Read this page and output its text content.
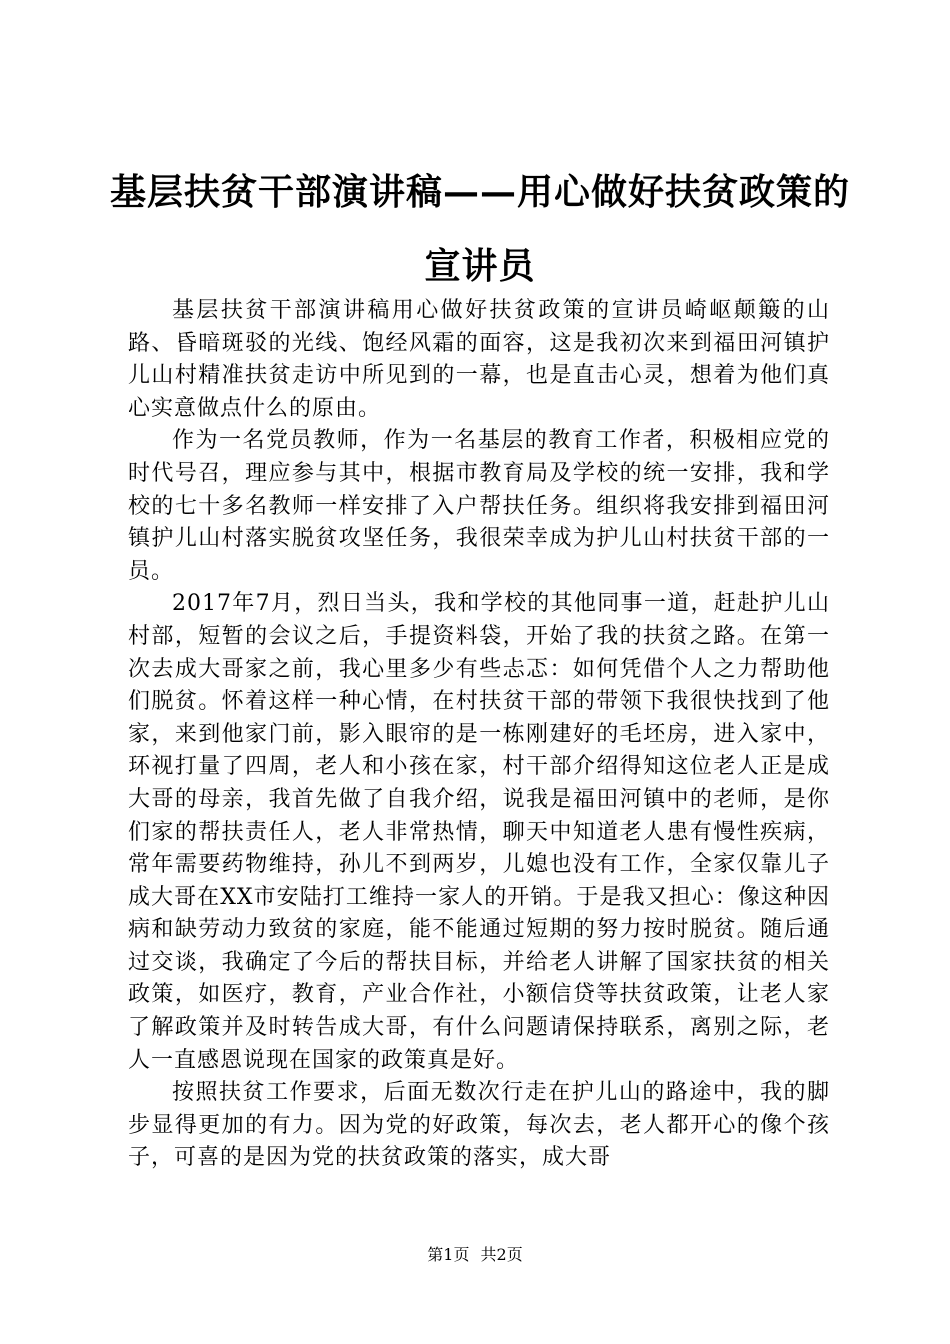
基层扶贫干部演讲稿——用心做好扶贫政策的宣讲员

基层扶贫干部演讲稿用心做好扶贫政策的宣讲员崎岖颠簸的山路、昏暗斑驳的光线、饱经风霜的面容，这是我初次来到福田河镇护儿山村精准扶贫走访中所见到的一幕，也是直击心灵，想着为他们真心实意做点什么的原由。

作为一名党员教师，作为一名基层的教育工作者，积极相应党的时代号召，理应参与其中，根据市教育局及学校的统一安排，我和学校的七十多名教师一样安排了入户帮扶任务。组织将我安排到福田河镇护儿山村落实脱贫攻坚任务，我很荣幸成为护儿山村扶贫干部的一员。

2017年7月，烈日当头，我和学校的其他同事一道，赶赴护儿山村部，短暂的会议之后，手提资料袋，开始了我的扶贫之路。在第一次去成大哥家之前，我心里多少有些忐忑：如何凭借个人之力帮助他们脱贫。怀着这样一种心情，在村扶贫干部的带领下我很快找到了他家，来到他家门前，影入眼帘的是一栋刚建好的毛坯房，进入家中，环视打量了四周，老人和小孩在家，村干部介绍得知这位老人正是成大哥的母亲，我首先做了自我介绍，说我是福田河镇中的老师，是你们家的帮扶责任人，老人非常热情，聊天中知道老人患有慢性疾病，常年需要药物维持，孙儿不到两岁，儿媳也没有工作，全家仅靠儿子成大哥在XX市安陆打工维持一家人的开销。于是我又担心：像这种因病和缺劳动力致贫的家庭，能不能通过短期的努力按时脱贫。随后通过交谈，我确定了今后的帮扶目标，并给老人讲解了国家扶贫的相关政策，如医疗，教育，产业合作社，小额信贷等扶贫政策，让老人家了解政策并及时转告成大哥，有什么问题请保持联系，离别之际，老人一直感恩说现在国家的政策真是好。

按照扶贫工作要求，后面无数次行走在护儿山的路途中，我的脚步显得更加的有力。因为党的好政策，每次去，老人都开心的像个孩子，可喜的是因为党的扶贫政策的落实，成大哥

第1页 共2页
